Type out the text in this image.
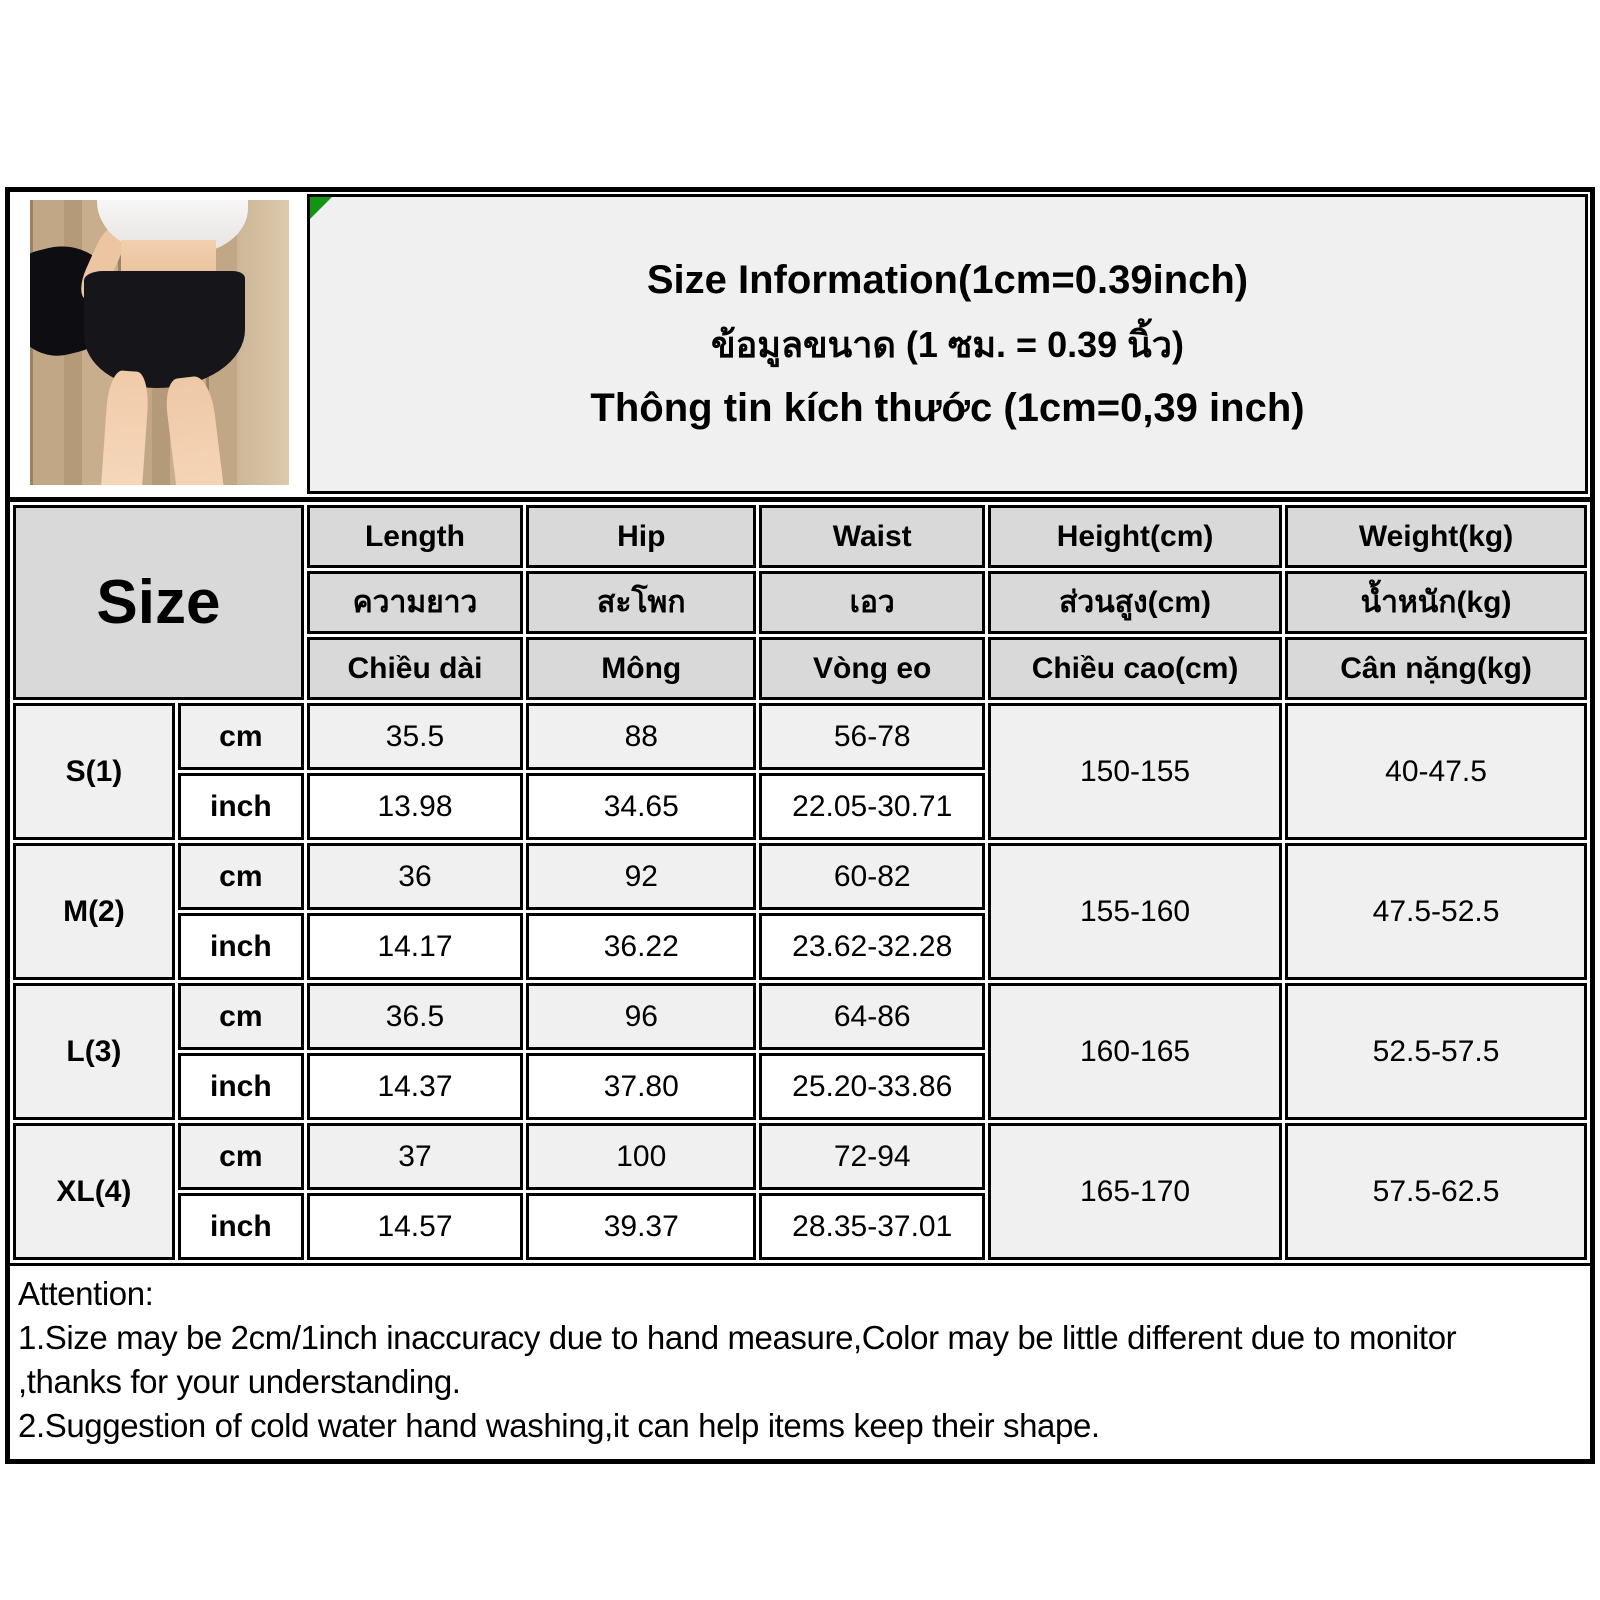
Size Information(1cm=0.39inch)
ข้อมูลขนาด (1 ซม. = 0.39 นิ้ว)
Thông tin kích thước (1cm=0,39 inch)
Size		Length	Hip	Waist	Height(cm)	Weight(kg)
		ความยาว	สะโพก	เอว	ส่วนสูง(cm)	น้ำหนัก(kg)
		Chiều dài	Mông	Vòng eo	Chiều cao(cm)	Cân nặng(kg)
S(1)	cm	35.5	88	56-78	150-155	40-47.5
	inch	13.98	34.65	22.05-30.71		
M(2)	cm	36	92	60-82	155-160	47.5-52.5
	inch	14.17	36.22	23.62-32.28		
L(3)	cm	36.5	96	64-86	160-165	52.5-57.5
	inch	14.37	37.80	25.20-33.86		
XL(4)	cm	37	100	72-94	165-170	57.5-62.5
	inch	14.57	39.37	28.35-37.01		
Attention:
1.Size may be 2cm/1inch inaccuracy due to hand measure,Color may be little different due to monitor
,thanks for your understanding.
2.Suggestion of cold water hand washing,it can help items keep their shape.
